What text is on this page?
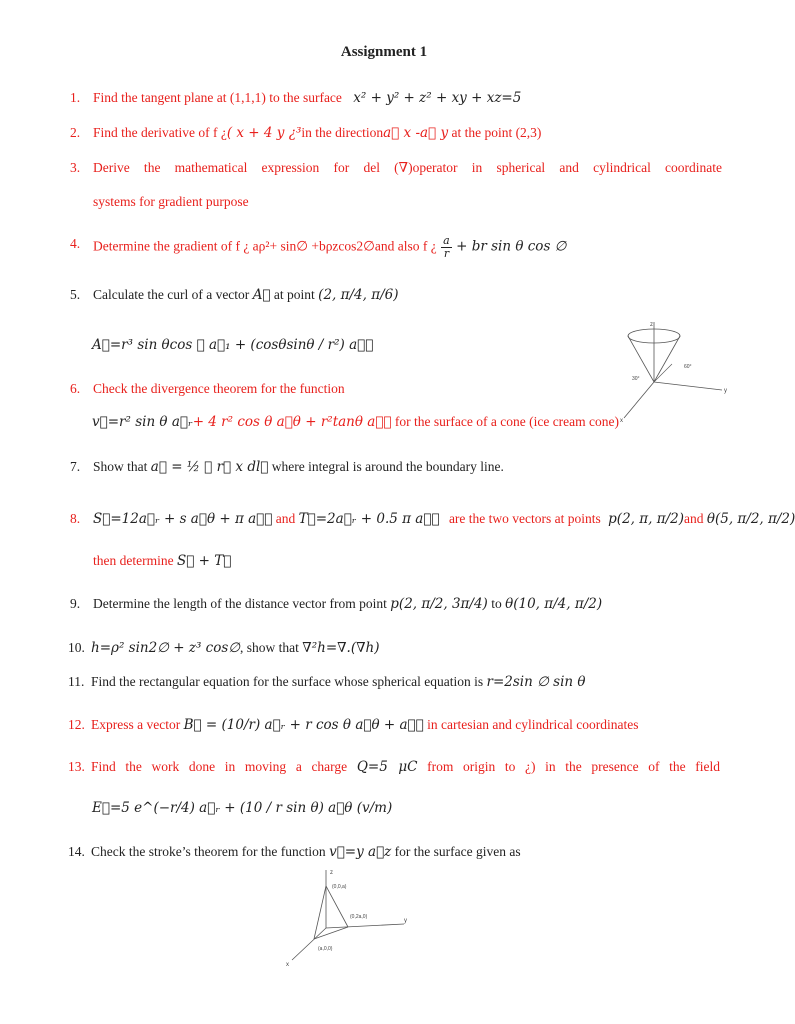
Assignment 1
1. Find the tangent plane at (1,1,1) to the surface x² + y² + z² + xy + xz=5
2. Find the derivative of f ¿( x + 4 y ¿³in the directiona⃗ x -a⃗ y at the point (2,3)
3. Derive the mathematical expression for del (∇)operator in spherical and cylindrical coordinate
systems for gradient purpose
4. Determine the gradient of f ¿ aρ²+ sin∅ +bρzcos2∅and also f ¿ $\frac{a}{r}$ + br sin θ cos ∅
5. Calculate the curl of a vector A⃗ at point (2, π/4, π/6)
A⃗=r³ sin θcos ∅ a⃗₁ + (cosθsinθ / r²) a⃗∅
z
30°
x
y
60°
6. Check the divergence theorem for the function
v⃗=r² sin θ a⃗ᵣ+ 4 r² cos θ a⃗θ + r²tanθ a⃗∅ for the surface of a cone (ice cream cone)
7. Show that a⃗ = ½ ∮ r⃗ x dl⃗ where integral is around the boundary line.
8. S⃗=12a⃗ᵣ + s a⃗θ + π a⃗∅ and T⃗=2a⃗ᵣ + 0.5 π a⃗∅ are the two vectors at points p(2, π, π/2)and θ(5, π/2, π/2)
then determine S⃗ + T⃗
9. Determine the length of the distance vector from point p(2, π/2, 3π/4) to θ(10, π/4, π/2)
10. h=ρ² sin2∅ + z³ cos∅, show that ∇²h=∇.(∇h)
11. Find the rectangular equation for the surface whose spherical equation is r=2sin ∅ sin θ
12. Express a vector B⃗ = (10/r) a⃗ᵣ + r cos θ a⃗θ + a⃗∅ in cartesian and cylindrical coordinates
13. Find the work done in moving a charge Q=5 μC from origin to ¿) in the presence of the field
E⃗=5 e^(−r/4) a⃗ᵣ + (10 / r sin θ) a⃗θ (v/m)
14. Check the stroke’s theorem for the function v⃗=y a⃗z for the surface given as
z
(0,0,a)
(0,2a,0)
y
(a,0,0)
x
